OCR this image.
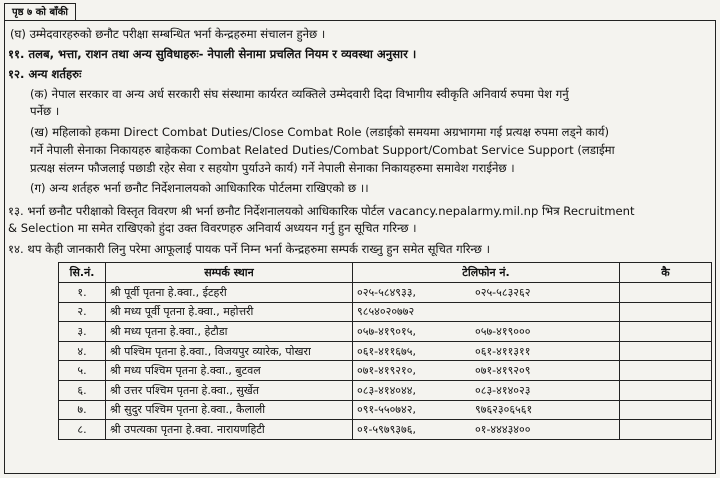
पृष्ठ ७ को बाँकी
(घ) उम्मेदवारहरुको छनौट परीक्षा सम्बन्धित भर्ना केन्द्रहरुमा संचालन हुनेछ ।
११. तलब, भत्ता, राशन तथा अन्य सुविधाहरुः- नेपाली सेनामा प्रचलित नियम र व्यवस्था अनुसार ।
१२. अन्य शर्तहरुः
(क) नेपाल सरकार वा अन्य अर्ध सरकारी संघ संस्थामा कार्यरत व्यक्तिले उम्मेदवारी दिदा विभागीय स्वीकृति अनिवार्य रुपमा पेश गर्नु
पर्नेछ ।
(ख) महिलाको हकमा Direct Combat Duties/Close Combat Role (लडाईको समयमा अग्रभागमा गई प्रत्यक्ष रुपमा लड्ने कार्य)
गर्ने नेपाली सेनाका निकायहरु बाहेकका Combat Related Duties/Combat Support/Combat Service Support (लडाईमा
प्रत्यक्ष संलग्न फौजलाई पछाडी रहेर सेवा र सहयोग पुर्याउने कार्य) गर्ने नेपाली सेनाका निकायहरुमा समावेश गराईनेछ ।
(ग) अन्य शर्तहरु भर्ना छनौट निर्देशनालयको आधिकारिक पोर्टलमा राखिएको छ ।।
१३. भर्ना छनौट परीक्षाको विस्तृत विवरण श्री भर्ना छनौट निर्देशनालयको आधिकारिक पोर्टल vacancy.nepalarmy.mil.np भित्र Recruitment
& Selection मा समेत राखिएको हुंदा उक्त विवरणहरु अनिवार्य अध्ययन गर्नु हुन सूचित गरिन्छ ।
१४. थप केही जानकारी लिनु परेमा आफूलाई पायक पर्ने निम्न भर्ना केन्द्रहरुमा सम्पर्क राख्नु हुन समेत सूचित गरिन्छ ।
सि.नं.	सम्पर्क स्थान	टेलिफोन नं.	कै
१.	श्री पूर्वी पृतना हे.क्वा., ईटहरी	०२५-५८४९३३, ०२५-५८३२६२	
२.	श्री मध्य पूर्वी पृतना हे.क्वा., महोत्तरी	९८५४०२०७७२	
३.	श्री मध्य पृतना हे.क्वा., हेटौडा	०५७-४१९०१५, ०५७-४१९०००	
४.	श्री पश्चिम पृतना हे.क्वा., विजयपुर व्यारेक, पोखरा	०६१-४११६७५, ०६१-४११३११	
५.	श्री मध्य पश्चिम पृतना हे.क्वा., बुटवल	०७१-४१९२१०, ०७१-४१९२०९	
६.	श्री उत्तर पश्चिम पृतना हे.क्वा., सुर्खेत	०८३-४१४०४४, ०८३-४१४०२३	
७.	श्री सुदुर पश्चिम पृतना हे.क्वा., कैलाली	०९१-५५०७४२, ९७६२३०६५६१	
८.	श्री उपत्यका पृतना हे.क्वा. नारायणहिटी	०१-५९७९३७६, ०१-४४४३४००	
